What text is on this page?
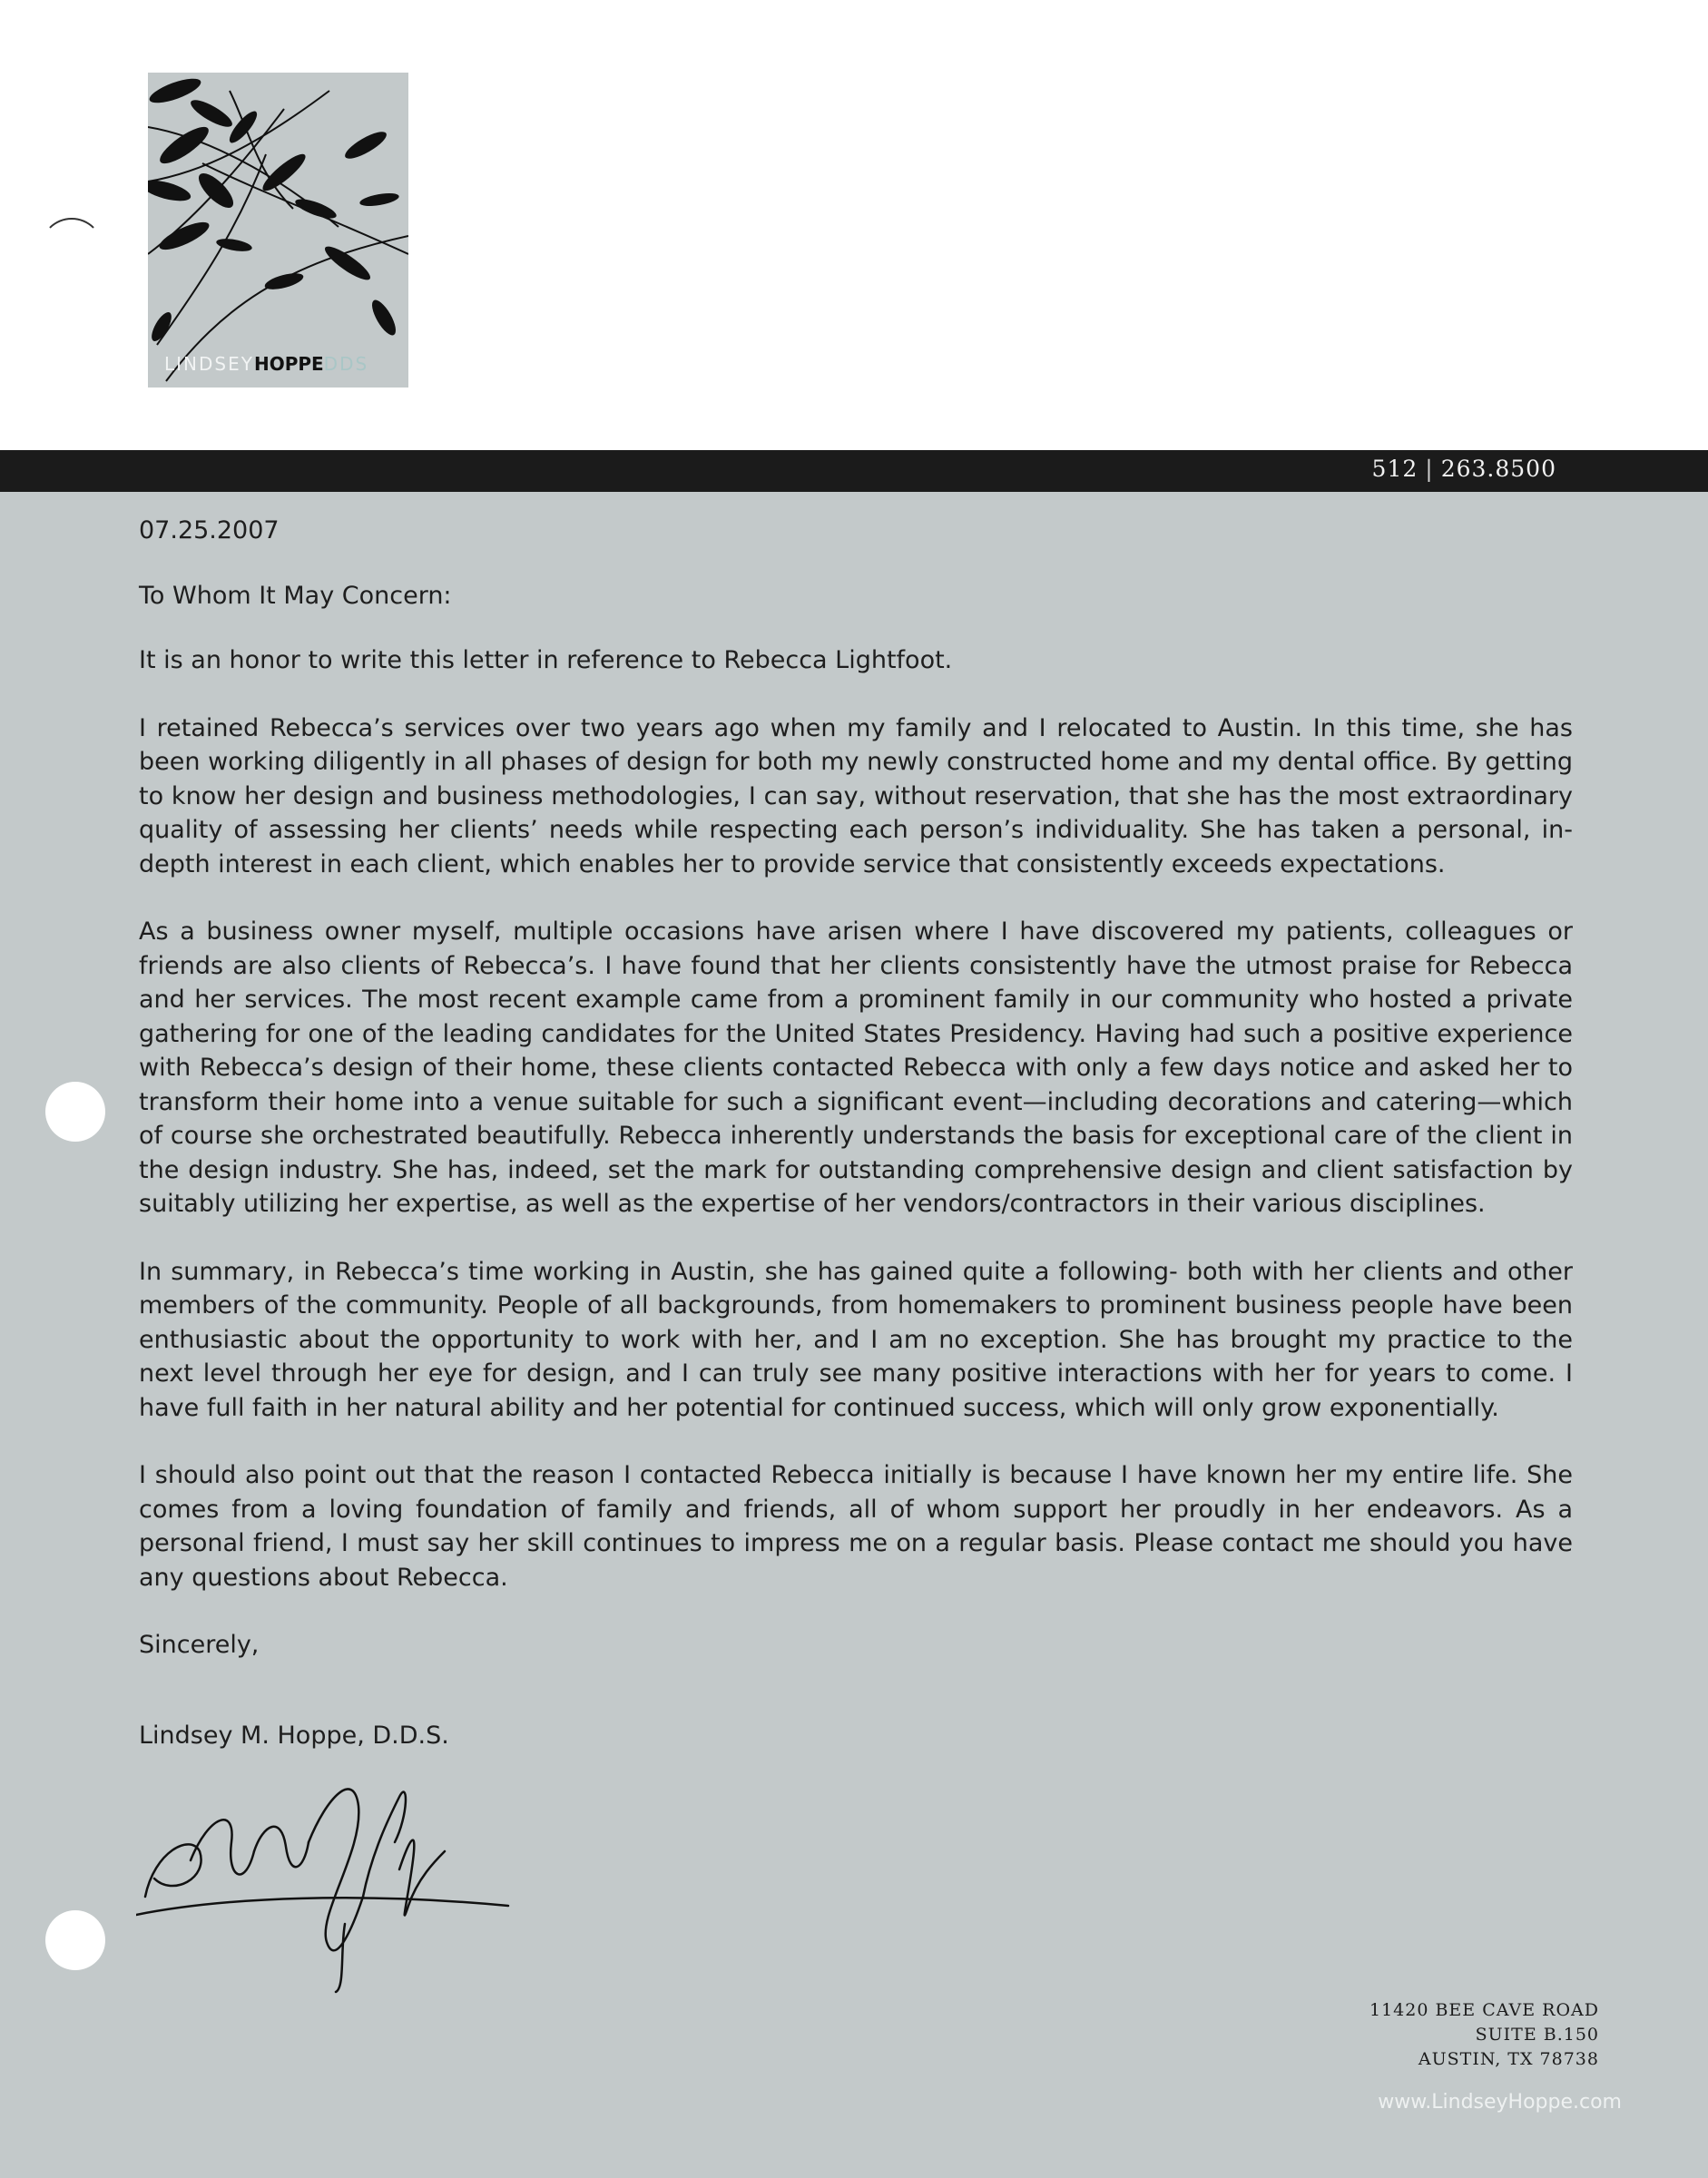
LINDSEYHOPPEDDS
512 | 263.8500

07.25.2007

To Whom It May Concern:

It is an honor to write this letter in reference to Rebecca Lightfoot.

I retained Rebecca’s services over two years ago when my family and I relocated to Austin. In this time, she has been working diligently in all phases of design for both my newly constructed home and my dental office. By getting to know her design and business methodologies, I can say, without reservation, that she has the most extraordinary quality of assessing her clients’ needs while respecting each person’s individuality. She has taken a personal, in-depth interest in each client, which enables her to provide service that consistently exceeds expectations.

As a business owner myself, multiple occasions have arisen where I have discovered my patients, colleagues or friends are also clients of Rebecca’s. I have found that her clients consistently have the utmost praise for Rebecca and her services. The most recent example came from a prominent family in our community who hosted a private gathering for one of the leading candidates for the United States Presidency. Having had such a positive experience with Rebecca’s design of their home, these clients contacted Rebecca with only a few days notice and asked her to transform their home into a venue suitable for such a significant event—including decorations and catering—which of course she orchestrated beautifully. Rebecca inherently understands the basis for exceptional care of the client in the design industry. She has, indeed, set the mark for outstanding comprehensive design and client satisfaction by suitably utilizing her expertise, as well as the expertise of her vendors/contractors in their various disciplines.

In summary, in Rebecca’s time working in Austin, she has gained quite a following- both with her clients and other members of the community. People of all backgrounds, from homemakers to prominent business people have been enthusiastic about the opportunity to work with her, and I am no exception. She has brought my practice to the next level through her eye for design, and I can truly see many positive interactions with her for years to come. I have full faith in her natural ability and her potential for continued success, which will only grow exponentially.

I should also point out that the reason I contacted Rebecca initially is because I have known her my entire life. She comes from a loving foundation of family and friends, all of whom support her proudly in her endeavors. As a personal friend, I must say her skill continues to impress me on a regular basis. Please contact me should you have any questions about Rebecca.

Sincerely,

Lindsey M. Hoppe, D.D.S.

11420 BEE CAVE ROAD
SUITE B.150
AUSTIN, TX 78738
www.LindseyHoppe.com
